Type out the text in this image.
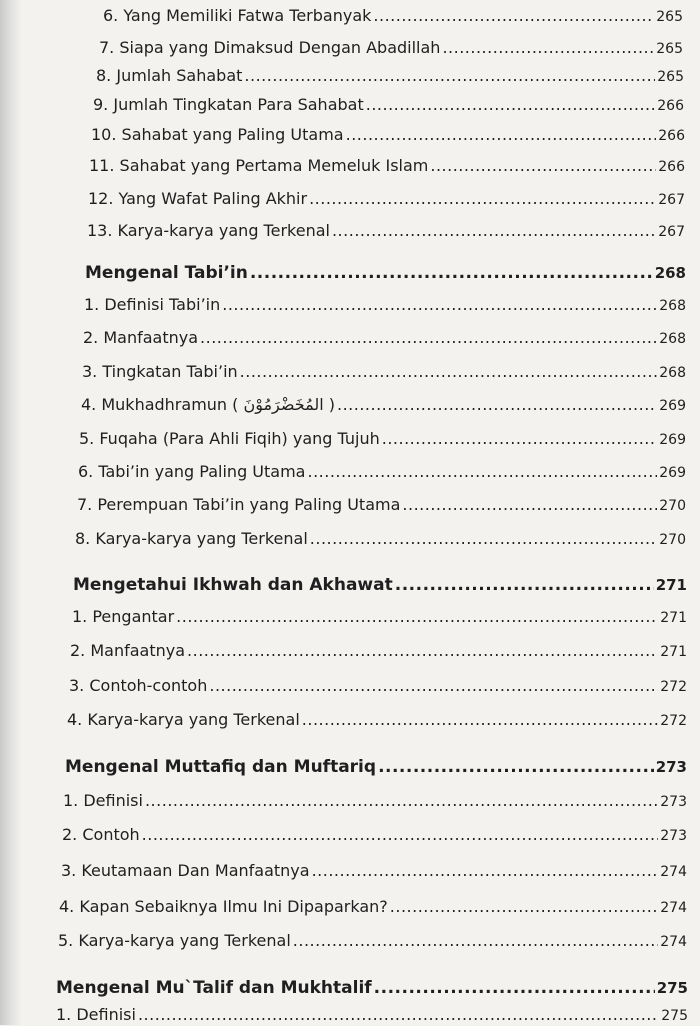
6. Yang Memiliki Fatwa Terbanyak .....	265
7. Siapa yang Dimaksud Dengan Abadillah .....	265
8. Jumlah Sahabat .....	265
9. Jumlah Tingkatan Para Sahabat .....	266
10. Sahabat yang Paling Utama .....	266
11. Sahabat yang Pertama Memeluk Islam .....	266
12. Yang Wafat Paling Akhir .....	267
13. Karya-karya yang Terkenal .....	267
Mengenal Tabi’in .....	268
1. Definisi Tabi’in .....	268
2. Manfaatnya .....	268
3. Tingkatan Tabi’in .....	268
4. Mukhadhramun ( المُخَضْرَمُوْنَ ) .....	269
5. Fuqaha (Para Ahli Fiqih) yang Tujuh .....	269
6. Tabi’in yang Paling Utama .....	269
7. Perempuan Tabi’in yang Paling Utama .....	270
8. Karya-karya yang Terkenal .....	270
Mengetahui Ikhwah dan Akhawat .....	271
1. Pengantar .....	271
2. Manfaatnya .....	271
3. Contoh-contoh .....	272
4. Karya-karya yang Terkenal .....	272
Mengenal Muttafiq dan Muftariq .....	273
1. Definisi .....	273
2. Contoh .....	273
3. Keutamaan Dan Manfaatnya .....	274
4. Kapan Sebaiknya Ilmu Ini Dipaparkan? .....	274
5. Karya-karya yang Terkenal .....	274
Mengenal Mu`Talif dan Mukhtalif .....	275
1. Definisi .....	275
